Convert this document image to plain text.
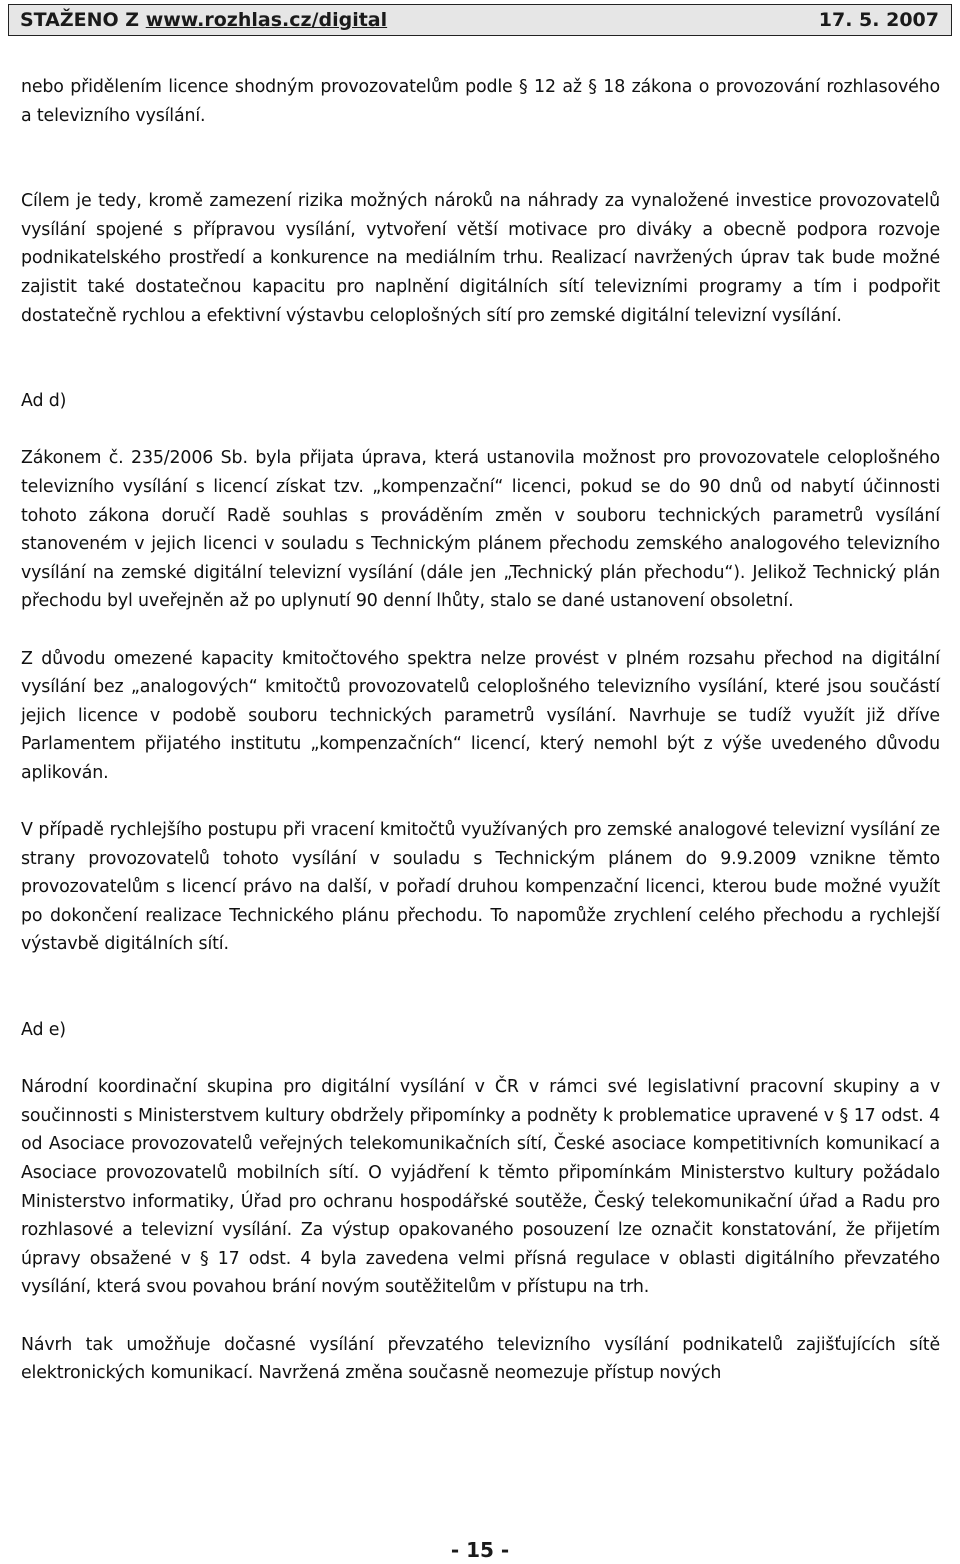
STAŽENO Z www.rozhlas.cz/digital	17. 5. 2007

nebo přidělením licence shodným provozovatelům podle § 12 až § 18 zákona o provozování rozhlasového a televizního vysílání.

Cílem je tedy, kromě zamezení rizika možných nároků na náhrady za vynaložené investice provozovatelů vysílání spojené s přípravou vysílání, vytvoření větší motivace pro diváky a obecně podpora rozvoje podnikatelského prostředí a konkurence na mediálním trhu. Realizací navržených úprav tak bude možné zajistit také dostatečnou kapacitu pro naplnění digitálních sítí televizními programy a tím i podpořit dostatečně rychlou a efektivní výstavbu celoplošných sítí pro zemské digitální televizní vysílání.

Ad d)

Zákonem č. 235/2006 Sb. byla přijata úprava, která ustanovila možnost pro provozovatele celoplošného televizního vysílání s licencí získat tzv. „kompenzační“ licenci, pokud se do 90 dnů od nabytí účinnosti tohoto zákona doručí Radě souhlas s prováděním změn v souboru technických parametrů vysílání stanoveném v jejich licenci v souladu s Technickým plánem přechodu zemského analogového televizního vysílání na zemské digitální televizní vysílání (dále jen „Technický plán přechodu“). Jelikož Technický plán přechodu byl uveřejněn až po uplynutí 90 denní lhůty, stalo se dané ustanovení obsoletní.

Z důvodu omezené kapacity kmitočtového spektra nelze provést v plném rozsahu přechod na digitální vysílání bez „analogových“ kmitočtů provozovatelů celoplošného televizního vysílání, které jsou součástí jejich licence v podobě souboru technických parametrů vysílání. Navrhuje se tudíž využít již dříve Parlamentem přijatého institutu „kompenzačních“ licencí, který nemohl být z výše uvedeného důvodu aplikován.

V případě rychlejšího postupu při vracení kmitočtů využívaných pro zemské analogové televizní vysílání ze strany provozovatelů tohoto vysílání v souladu s Technickým plánem do 9.9.2009 vznikne těmto provozovatelům s licencí právo na další, v pořadí druhou kompenzační licenci, kterou bude možné využít po dokončení realizace Technického plánu přechodu. To napomůže zrychlení celého přechodu a rychlejší výstavbě digitálních sítí.

Ad e)

Národní koordinační skupina pro digitální vysílání v ČR v rámci své legislativní pracovní skupiny a v součinnosti s Ministerstvem kultury obdržely připomínky a podněty k problematice upravené v § 17 odst. 4 od Asociace provozovatelů veřejných telekomunikačních sítí, České asociace kompetitivních komunikací a Asociace provozovatelů mobilních sítí. O vyjádření k těmto připomínkám Ministerstvo kultury požádalo Ministerstvo informatiky, Úřad pro ochranu hospodářské soutěže, Český telekomunikační úřad a Radu pro rozhlasové a televizní vysílání. Za výstup opakovaného posouzení lze označit konstatování, že přijetím úpravy obsažené v § 17 odst. 4 byla zavedena velmi přísná regulace v oblasti digitálního převzatého vysílání, která svou povahou brání novým soutěžitelům v přístupu na trh.

Návrh tak umožňuje dočasné vysílání převzatého televizního vysílání podnikatelů zajišťujících sítě elektronických komunikací. Navržená změna současně neomezuje přístup nových

- 15 -
